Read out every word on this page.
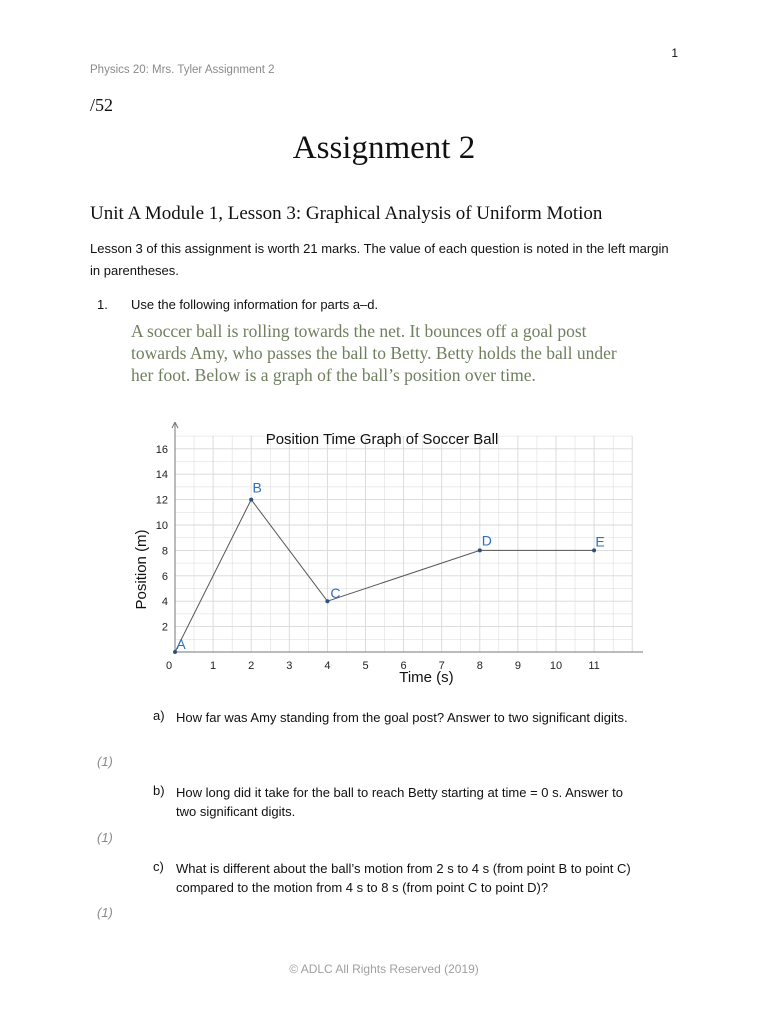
1
Physics 20: Mrs. Tyler Assignment 2
/52
Assignment 2
Unit A Module 1, Lesson 3: Graphical Analysis of Uniform Motion
Lesson 3 of this assignment is worth 21 marks. The value of each question is noted in the left margin in parentheses.
1. Use the following information for parts a–d.
A soccer ball is rolling towards the net. It bounces off a goal post towards Amy, who passes the ball to Betty. Betty holds the ball under her foot. Below is a graph of the ball’s position over time.
0	1	2	3	4	5	6	7	8	9	10 11
2
4
6
8
10
12
14
16
Position Time Graph of Soccer Ball
Time (s)
Position (m)
A
B
C
D	E
a) How far was Amy standing from the goal post? Answer to two significant digits.
(1)
b) How long did it take for the ball to reach Betty starting at time = 0 s. Answer to two significant digits.
(1)
c) What is different about the ball’s motion from 2 s to 4 s (from point B to point C) compared to the motion from 4 s to 8 s (from point C to point D)?
(1)
© ADLC All Rights Reserved (2019)
